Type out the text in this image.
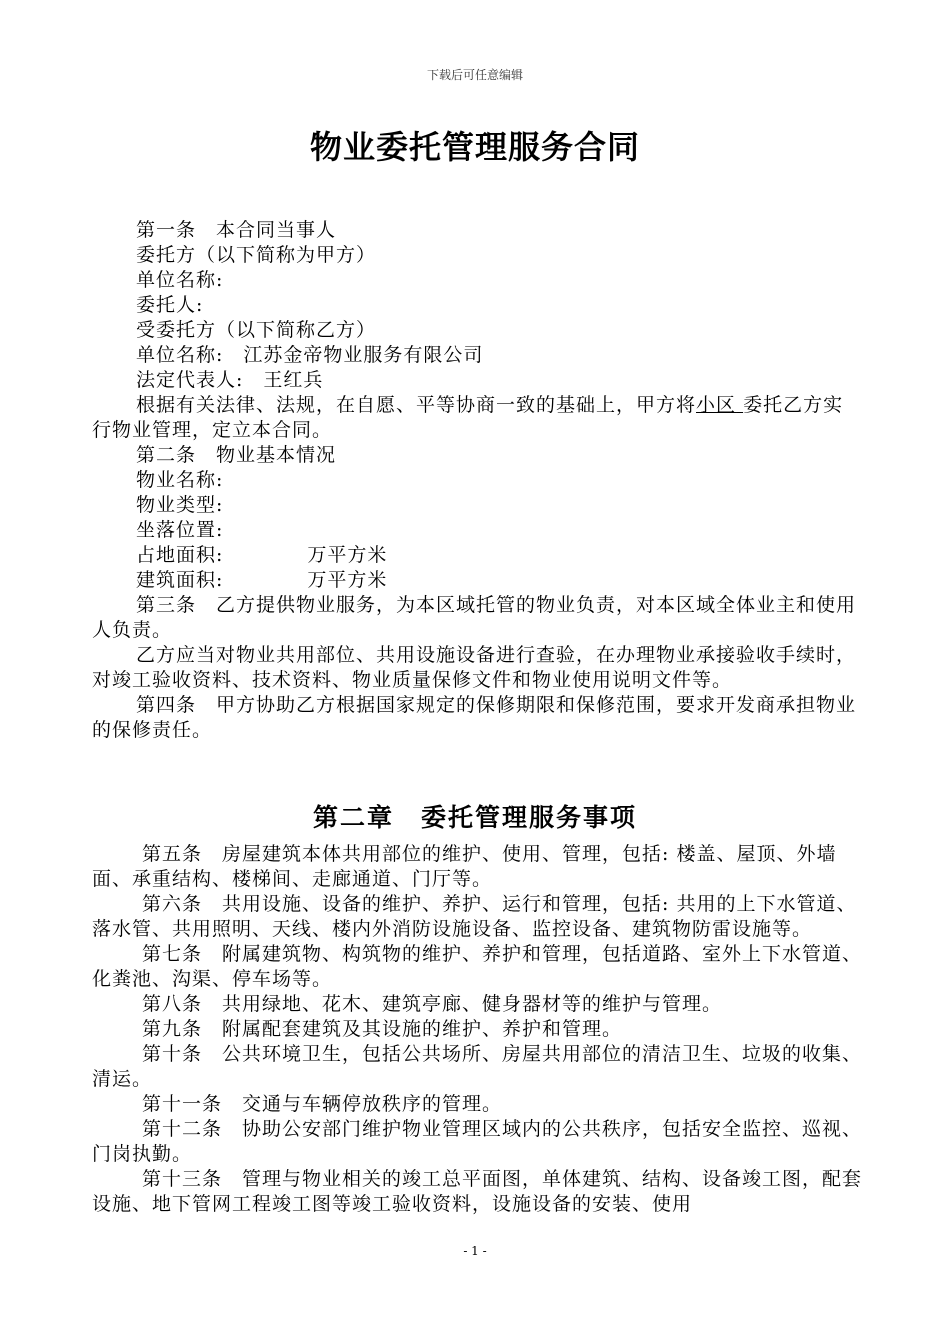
下载后可任意编辑
物业委托管理服务合同

第一条　本合同当事人

委托方（以下简称为甲方）

单位名称:

委托人:

受委托方（以下简称乙方）

单位名称:　江苏金帝物业服务有限公司

法定代表人:　王红兵

根据有关法律、法规，在自愿、平等协商一致的基础上，甲方将小区 委托乙方实行物业管理，定立本合同。

第二条　物业基本情况

物业名称:

物业类型:

坐落位置:

占地面积:	万平方米

建筑面积:	万平方米

第三条　乙方提供物业服务，为本区域托管的物业负责，对本区域全体业主和使用人负责。

乙方应当对物业共用部位、共用设施设备进行查验，在办理物业承接验收手续时，对竣工验收资料、技术资料、物业质量保修文件和物业使用说明文件等。

第四条　甲方协助乙方根据国家规定的保修期限和保修范围，要求开发商承担物业的保修责任。

第二章　委托管理服务事项

第五条　房屋建筑本体共用部位的维护、使用、管理，包括: 楼盖、屋顶、外墙面、承重结构、楼梯间、走廊通道、门厅等。

第六条　共用设施、设备的维护、养护、运行和管理，包括: 共用的上下水管道、落水管、共用照明、天线、楼内外消防设施设备、监控设备、建筑物防雷设施等。

第七条　附属建筑物、构筑物的维护、养护和管理，包括道路、室外上下水管道、化粪池、沟渠、停车场等。

第八条　共用绿地、花木、建筑亭廊、健身器材等的维护与管理。

第九条　附属配套建筑及其设施的维护、养护和管理。

第十条　公共环境卫生，包括公共场所、房屋共用部位的清洁卫生、垃圾的收集、清运。

第十一条　交通与车辆停放秩序的管理。

第十二条　协助公安部门维护物业管理区域内的公共秩序，包括安全监控、巡视、门岗执勤。

第十三条　管理与物业相关的竣工总平面图，单体建筑、结构、设备竣工图，配套设施、地下管网工程竣工图等竣工验收资料，设施设备的安装、使用

- 1 -
